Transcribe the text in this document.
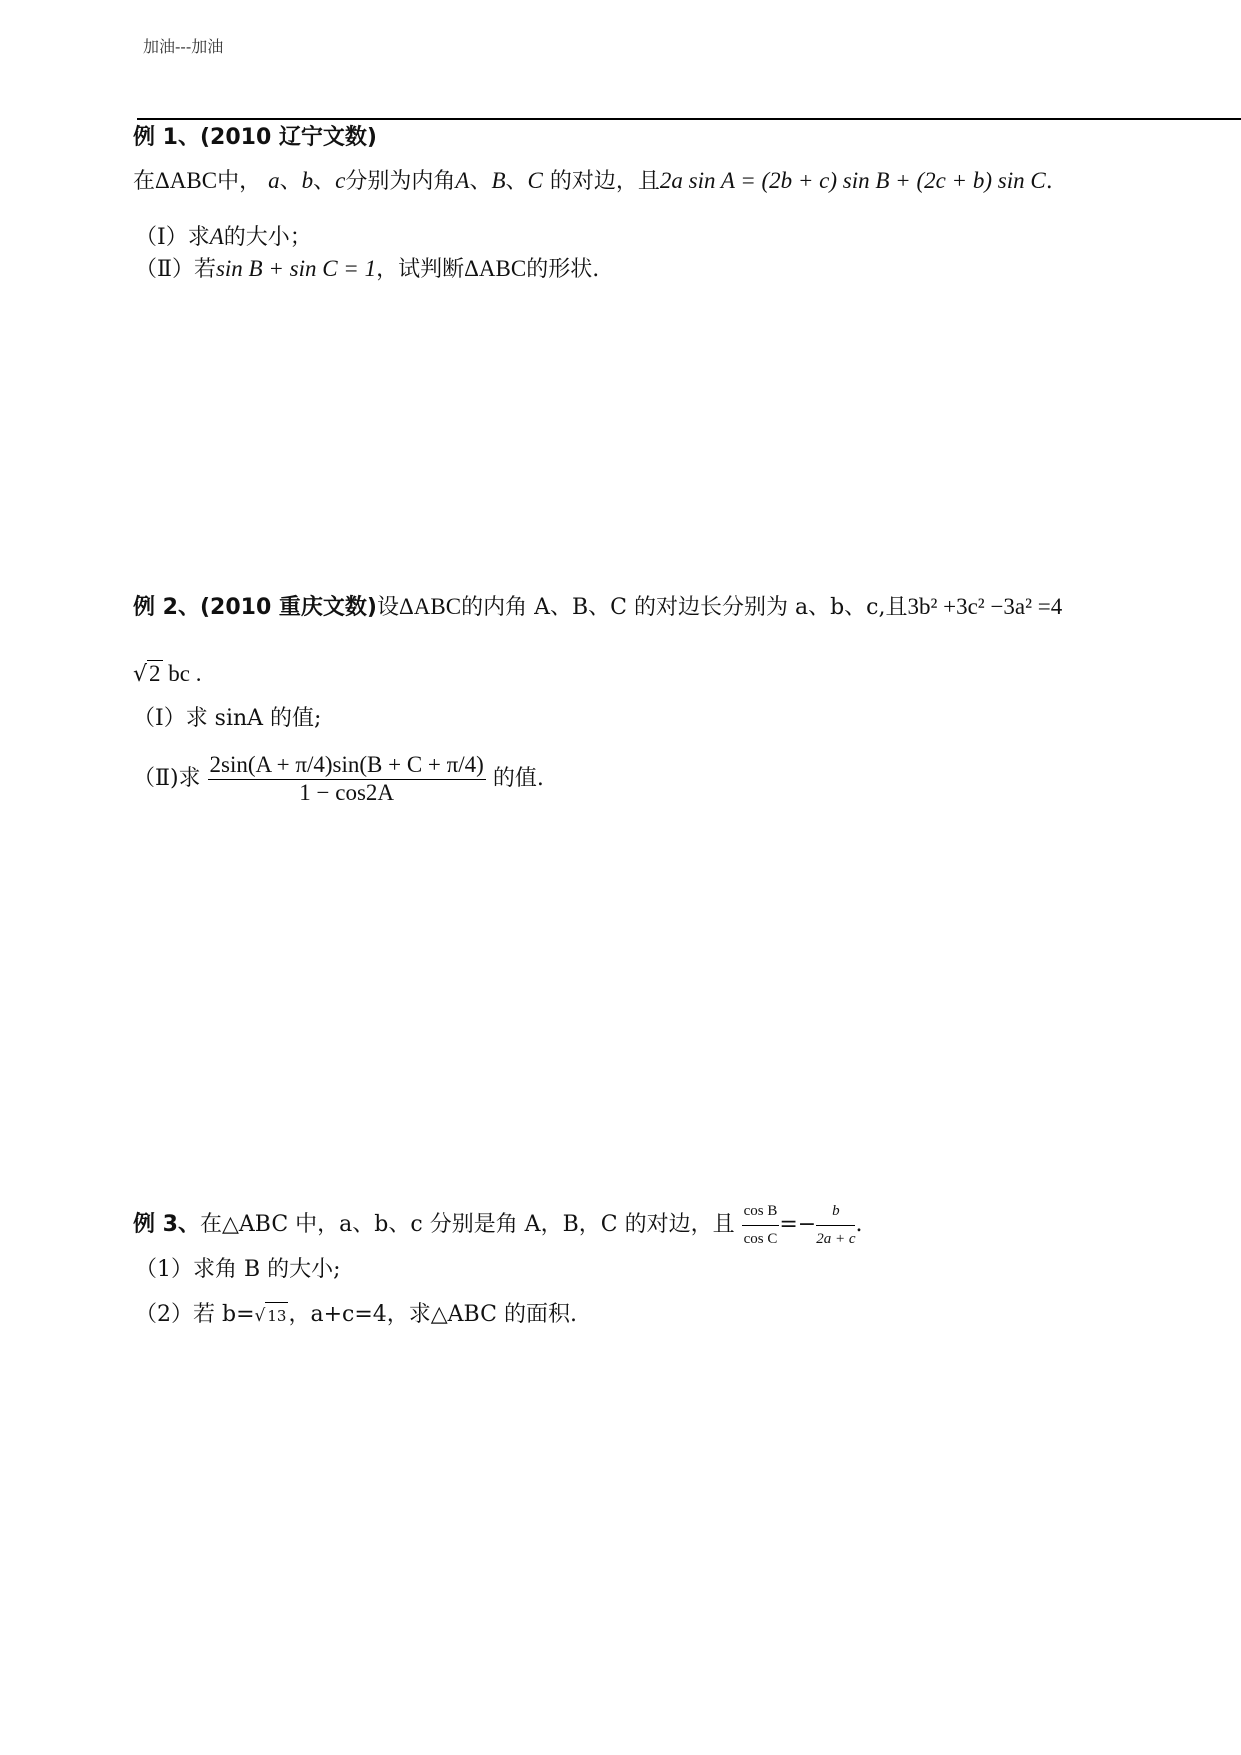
加油---加油
例 1、(2010 辽宁文数)
在ΔABC中， a、b、c分别为内角A、B、C 的对边，且2a sin A = (2b + c) sin B + (2c + b) sin C.
（Ⅰ）求A的大小；
（Ⅱ）若sin B + sin C = 1，试判断ΔABC的形状.
例 2、(2010 重庆文数)设ΔABC的内角 A、B、C 的对边长分别为 a、b、c,且3b² +3c² −3a² =4
√2 bc .
（Ⅰ）求 sinA 的值;
（Ⅱ)求 $\frac{2\sin(A + \pi/4)\sin(B + C + \pi/4)}{1 - \cos 2A}$ 的值.
例 3、在△ABC 中，a、b、c 分别是角 A，B，C 的对边，且 $\frac{\text{cos B}}{\text{cos C}} =- \frac{b}{2a + c}$ .
（1）求角 B 的大小;
（2）若 b=√ 13，a+c=4，求△ABC 的面积.
